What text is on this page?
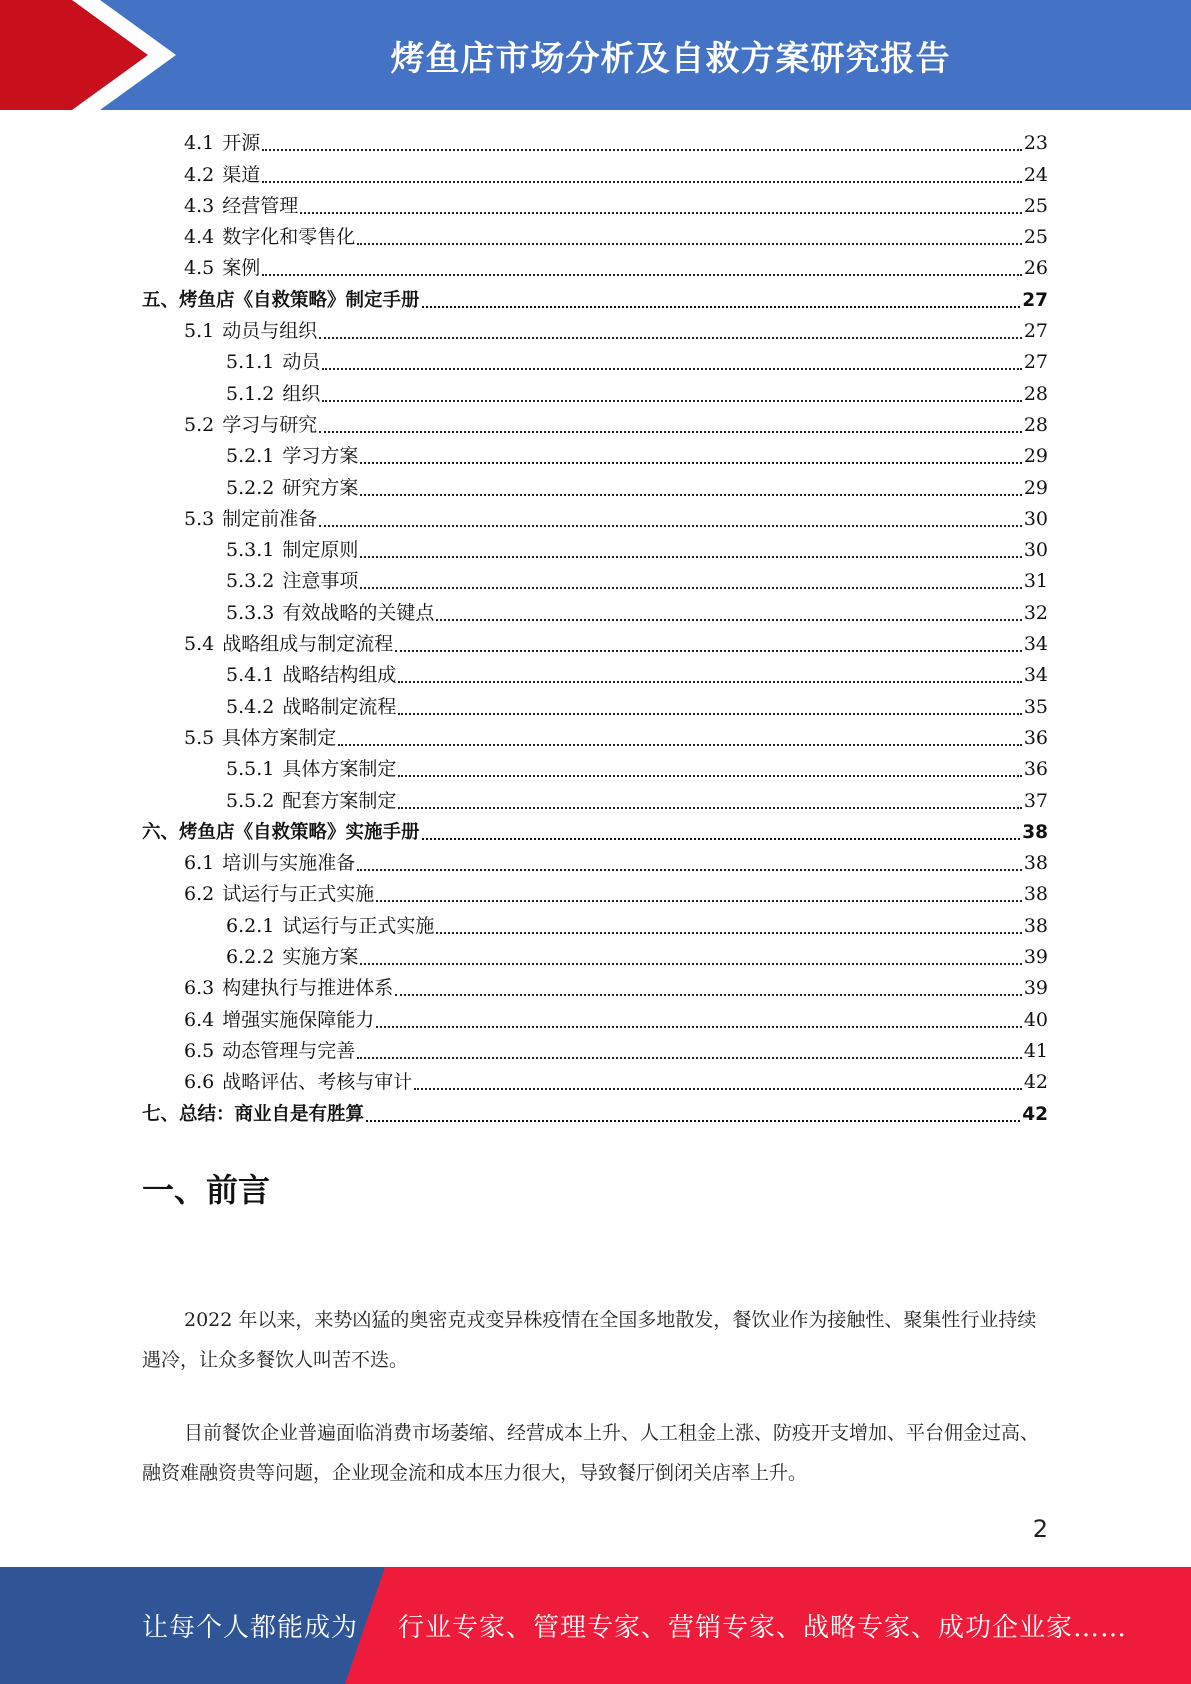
烤鱼店市场分析及自救方案研究报告
4.1 开源	23
4.2 渠道	24
4.3 经营管理	25
4.4 数字化和零售化	25
4.5 案例	26
五、烤鱼店《自救策略》制定手册	27
5.1 动员与组织	27
5.1.1 动员	27
5.1.2 组织	28
5.2 学习与研究	28
5.2.1 学习方案	29
5.2.2 研究方案	29
5.3 制定前准备	30
5.3.1 制定原则	30
5.3.2 注意事项	31
5.3.3 有效战略的关键点	32
5.4 战略组成与制定流程	34
5.4.1 战略结构组成	34
5.4.2 战略制定流程	35
5.5 具体方案制定	36
5.5.1 具体方案制定	36
5.5.2 配套方案制定	37
六、烤鱼店《自救策略》实施手册	38
6.1 培训与实施准备	38
6.2 试运行与正式实施	38
6.2.1 试运行与正式实施	38
6.2.2 实施方案	39
6.3 构建执行与推进体系	39
6.4 增强实施保障能力	40
6.5 动态管理与完善	41
6.6 战略评估、考核与审计	42
七、总结：商业自是有胜算	42
一、前言
2022 年以来，来势凶猛的奥密克戎变异株疫情在全国多地散发，餐饮业作为接触性、聚集性行业持续遇冷，让众多餐饮人叫苦不迭。
目前餐饮企业普遍面临消费市场萎缩、经营成本上升、人工租金上涨、防疫开支增加、平台佣金过高、融资难融资贵等问题，企业现金流和成本压力很大，导致餐厅倒闭关店率上升。
2
让每个人都能成为 行业专家、管理专家、营销专家、战略专家、成功企业家……
